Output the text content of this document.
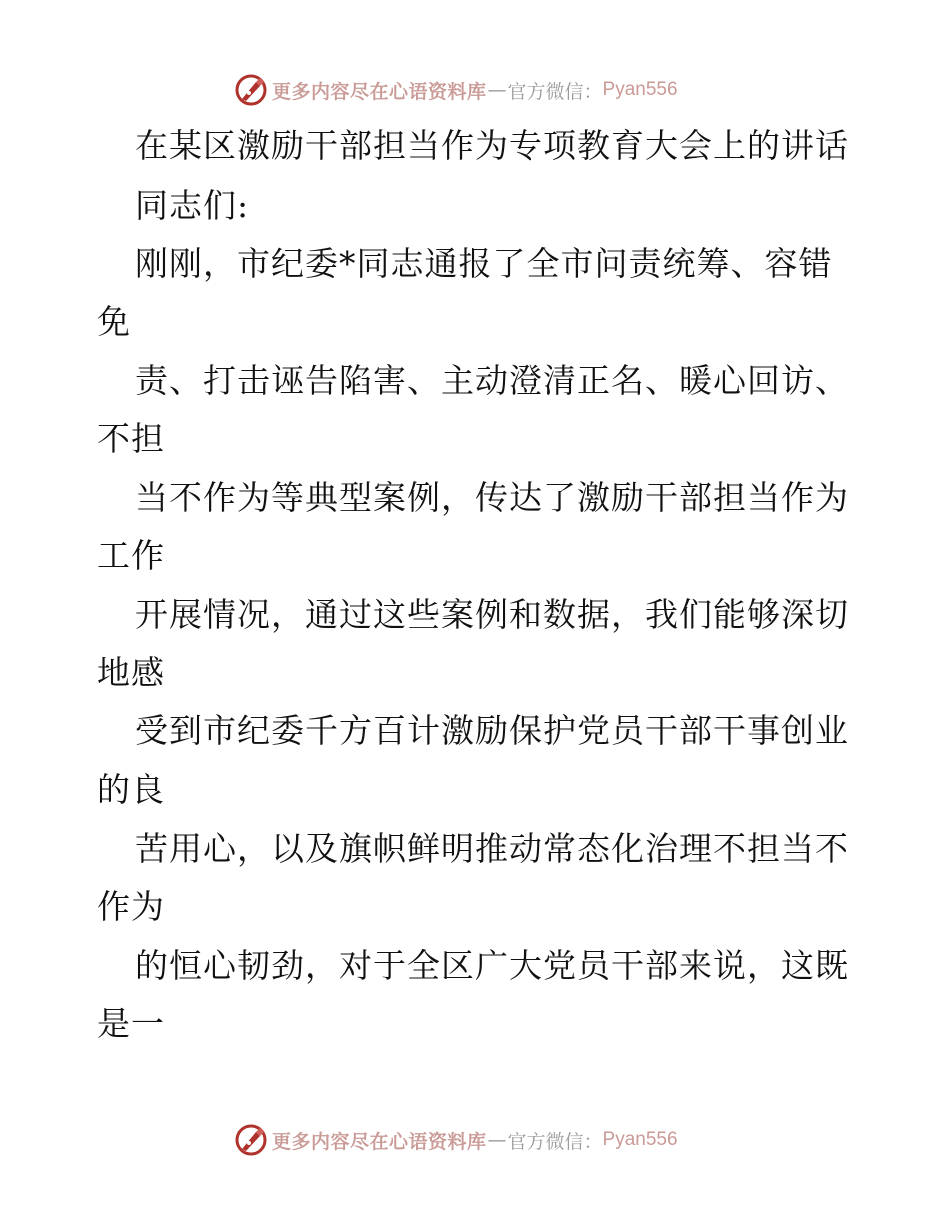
更多内容尽在心语资料库 — 官方微信： Pyan556
在某区激励干部担当作为专项教育大会上的讲话
同志们:
刚刚，市纪委*同志通报了全市问责统筹、容错
免
责、打击诬告陷害、主动澄清正名、暖心回访、
不担
当不作为等典型案例，传达了激励干部担当作为
工作
开展情况，通过这些案例和数据，我们能够深切
地感
受到市纪委千方百计激励保护党员干部干事创业
的良
苦用心，以及旗帜鲜明推动常态化治理不担当不
作为
的恒心韧劲，对于全区广大党员干部来说，这既
是一
更多内容尽在心语资料库 — 官方微信： Pyan556
